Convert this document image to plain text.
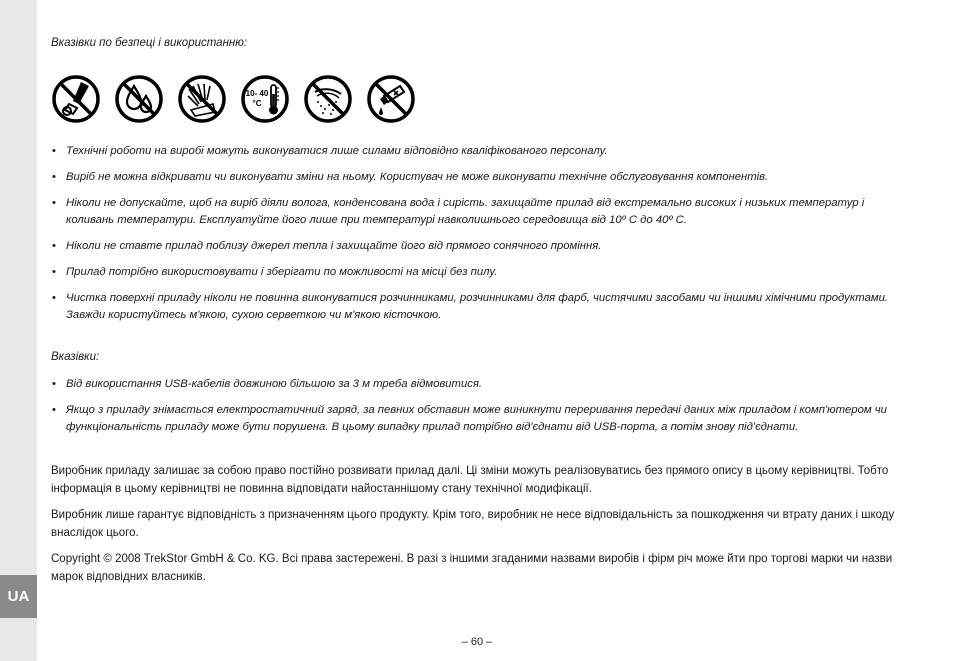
UA
Вказівки по безпеці і використанню:
10- 40
°C
• Технічні роботи на виробі можуть виконуватися лише силами відповідно кваліфікованого персоналу.
• Виріб не можна відкривати чи виконувати зміни на ньому. Користувач не може виконувати технічне обслуговування компонентів.
• Ніколи не допускайте, щоб на виріб діяли волога, конденсована вода і сирість. захищайте прилад від екстремально високих і низьких температур і коливань температури. Експлуатуйте його лише при температурі навколишнього середовища від 10º C до 40º C.
• Ніколи не ставте прилад поблизу джерел тепла і захищайте його від прямого сонячного проміння.
• Прилад потрібно використовувати і зберігати по можливості на місці без пилу.
• Чистка поверхні приладу ніколи не повинна виконуватися розчинниками, розчинниками для фарб, чистячими засобами чи іншими хімічними продуктами. Завжди користуйтесь м'якою, сухою серветкою чи м'якою кісточкою.
Вказівки:
• Від використання USB-кабелів довжиною більшою за 3 м треба відмовитися.
• Якщо з приладу знімається електростатичний заряд, за певних обставин може виникнути переривання передачі даних між приладом і комп'ютером чи функціональність приладу може бути порушена. В цьому випадку прилад потрібно від'єднати від USB-порта, а потім знову під'єднати.

Виробник приладу залишає за собою право постійно розвивати прилад далі. Ці зміни можуть реалізовуватись без прямого опису в цьому керівництві. Тобто інформація в цьому керівництві не повинна відповідати найостаннішому стану технічної модифікації.

Виробник лише гарантує відповідність з призначенням цього продукту. Крім того, виробник не несе відповідальність за пошкодження чи втрату даних і шкоду внаслідок цього.

Copyright © 2008 TrekStor GmbH & Co. KG. Всі права застережені. В разі з іншими згаданими назвами виробів і фірм річ може йти про торгові марки чи назви марок відповідних власників.

– 60 –
